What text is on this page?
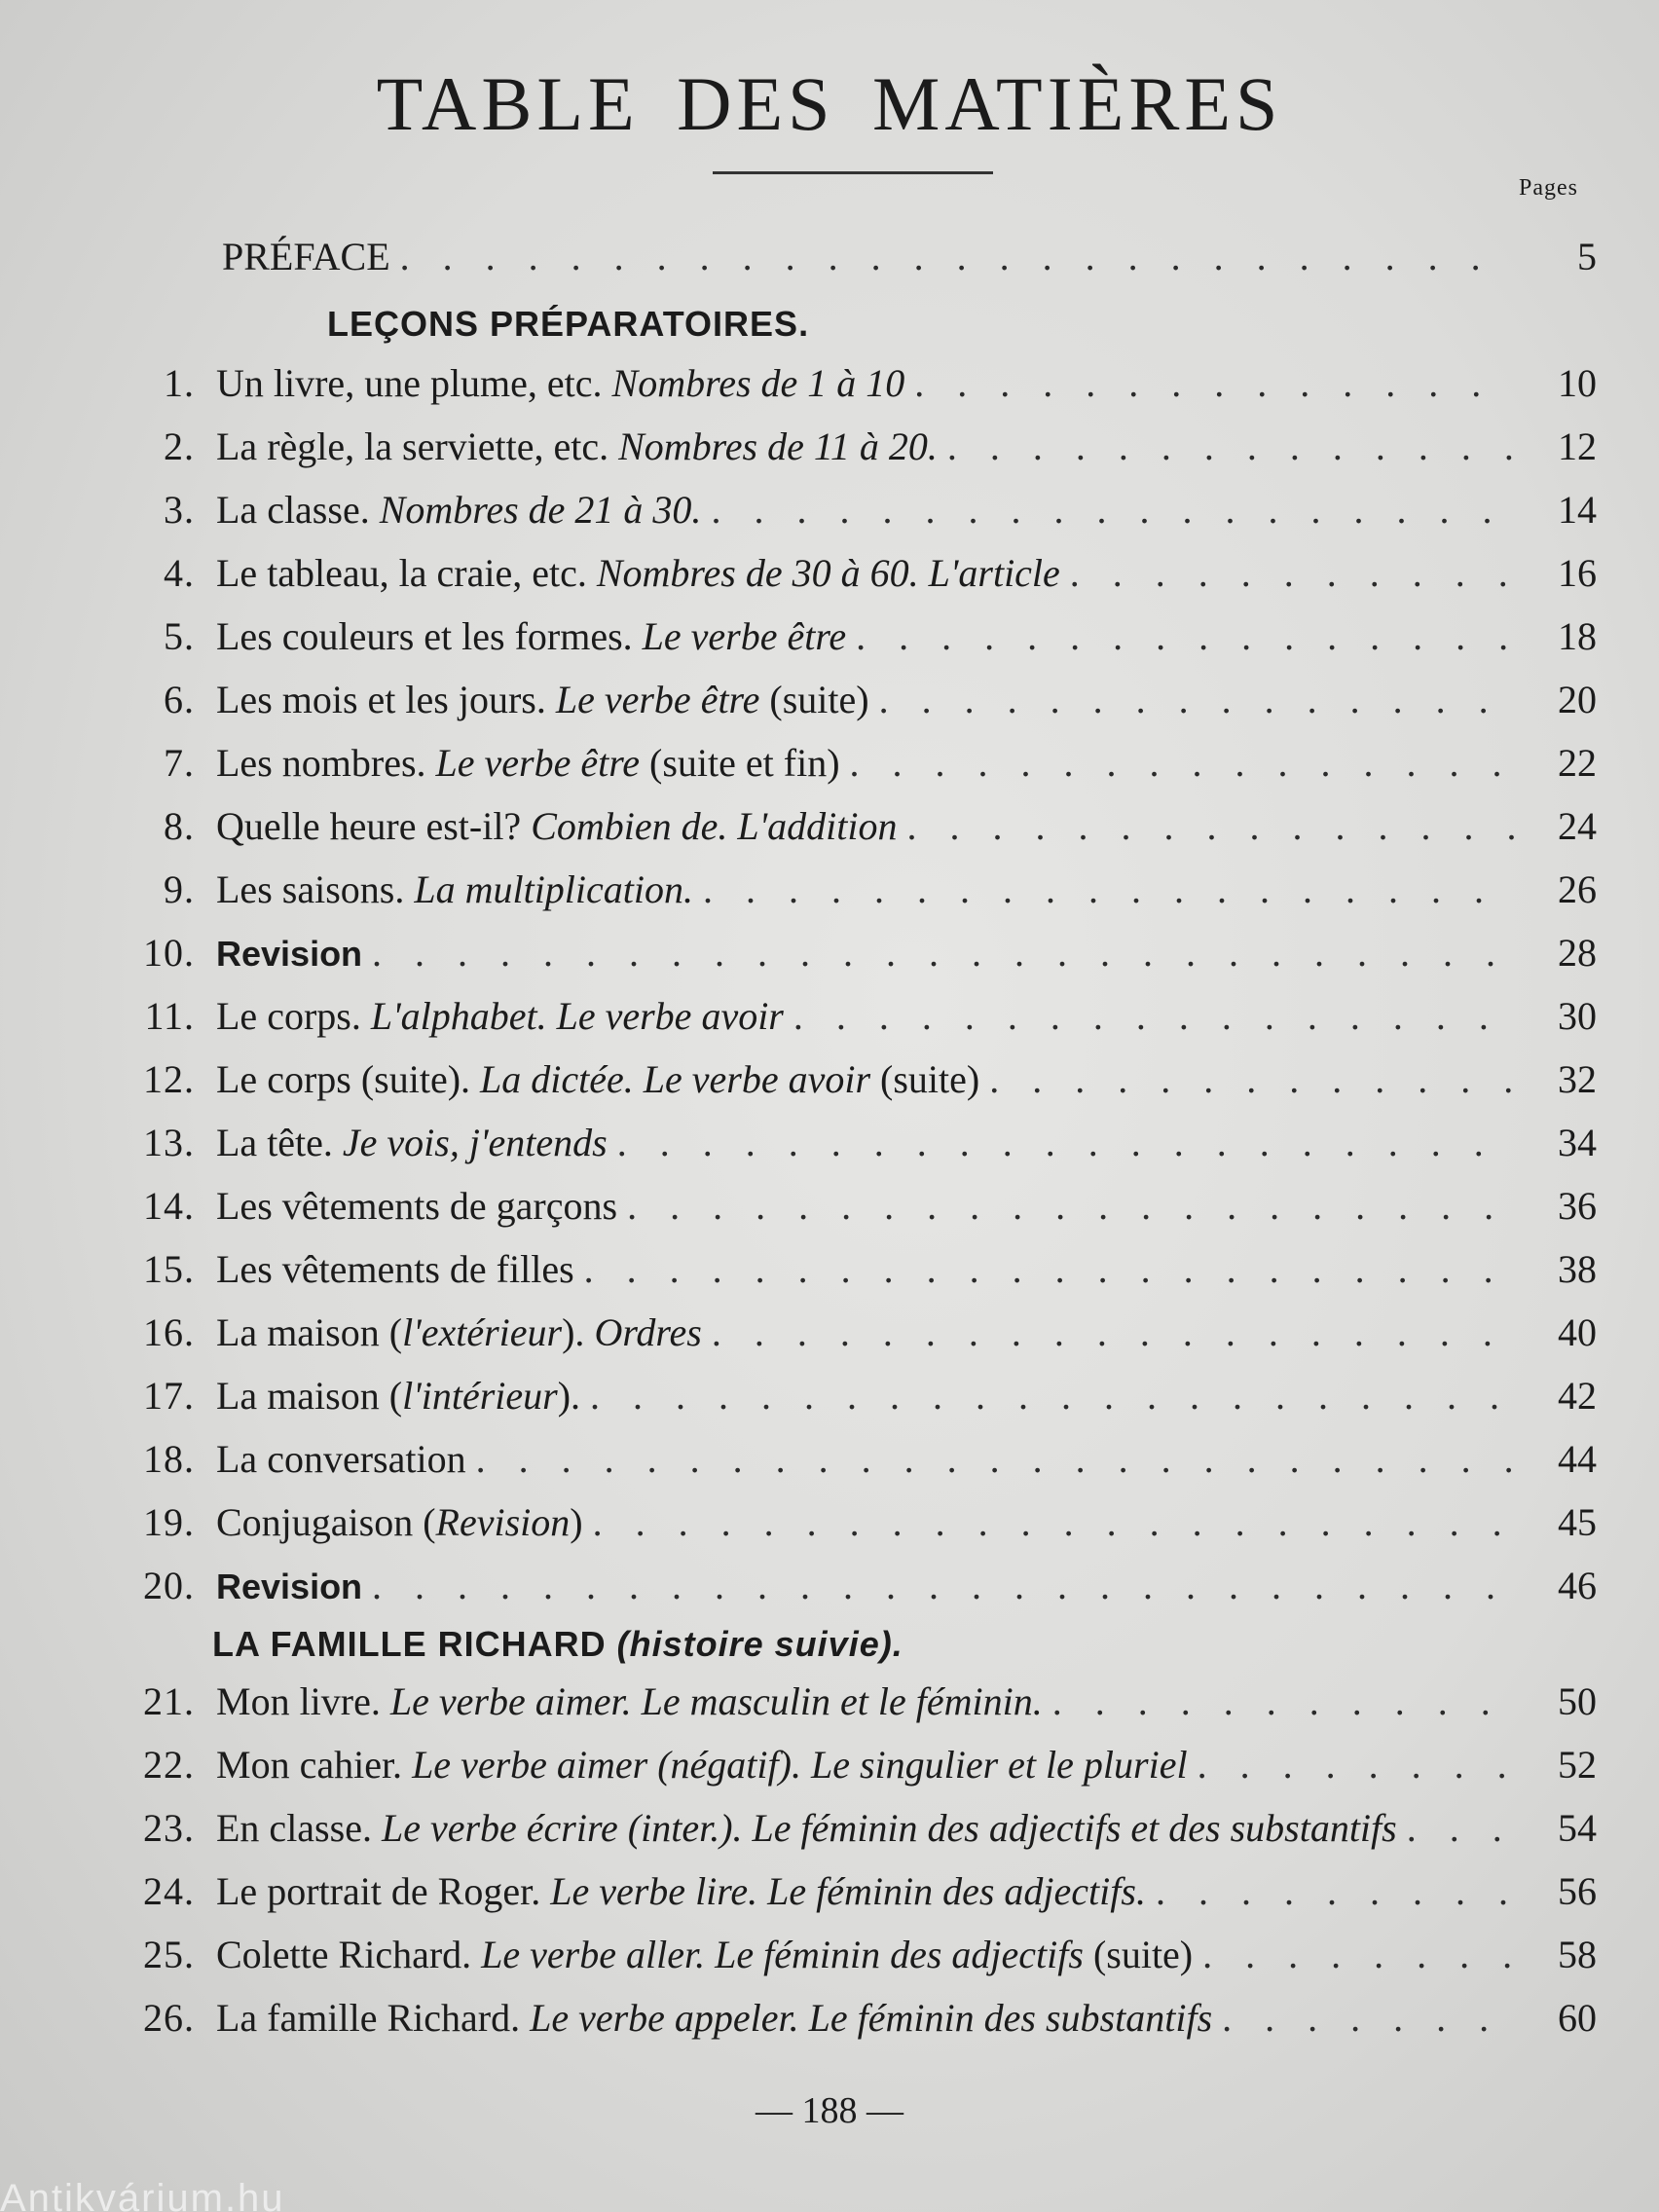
TABLE DES MATIÈRES
Pages
PRÉFACE . . .	5
LEÇONS PRÉPARATOIRES.
1. Un livre, une plume, etc. Nombres de 1 à 10 . . .	10
2. La règle, la serviette, etc. Nombres de 11 à 20. . . .	12
3. La classe. Nombres de 21 à 30. . . .	14
4. Le tableau, la craie, etc. Nombres de 30 à 60. L'article . . .	16
5. Les couleurs et les formes. Le verbe être . . .	18
6. Les mois et les jours. Le verbe être (suite) . . .	20
7. Les nombres. Le verbe être (suite et fin) . . .	22
8. Quelle heure est-il? Combien de. L'addition . . .	24
9. Les saisons. La multiplication. . . .	26
10. Revision . . .	28
11. Le corps. L'alphabet. Le verbe avoir . . .	30
12. Le corps (suite). La dictée. Le verbe avoir (suite) . . .	32
13. La tête. Je vois, j'entends . . .	34
14. Les vêtements de garçons . . .	36
15. Les vêtements de filles . . .	38
16. La maison (l'extérieur). Ordres . . .	40
17. La maison (l'intérieur). . . .	42
18. La conversation . . .	44
19. Conjugaison (Revision) . . .	45
20. Revision . . .	46
LA FAMILLE RICHARD (histoire suivie).
21. Mon livre. Le verbe aimer. Le masculin et le féminin. . . .	50
22. Mon cahier. Le verbe aimer (négatif). Le singulier et le pluriel . . .	52
23. En classe. Le verbe écrire (inter.). Le féminin des adjectifs et des substantifs . . .	54
24. Le portrait de Roger. Le verbe lire. Le féminin des adjectifs. . . .	56
25. Colette Richard. Le verbe aller. Le féminin des adjectifs (suite) . . .	58
26. La famille Richard. Le verbe appeler. Le féminin des substantifs . . .	60
— 188 —
Antikvárium.hu
